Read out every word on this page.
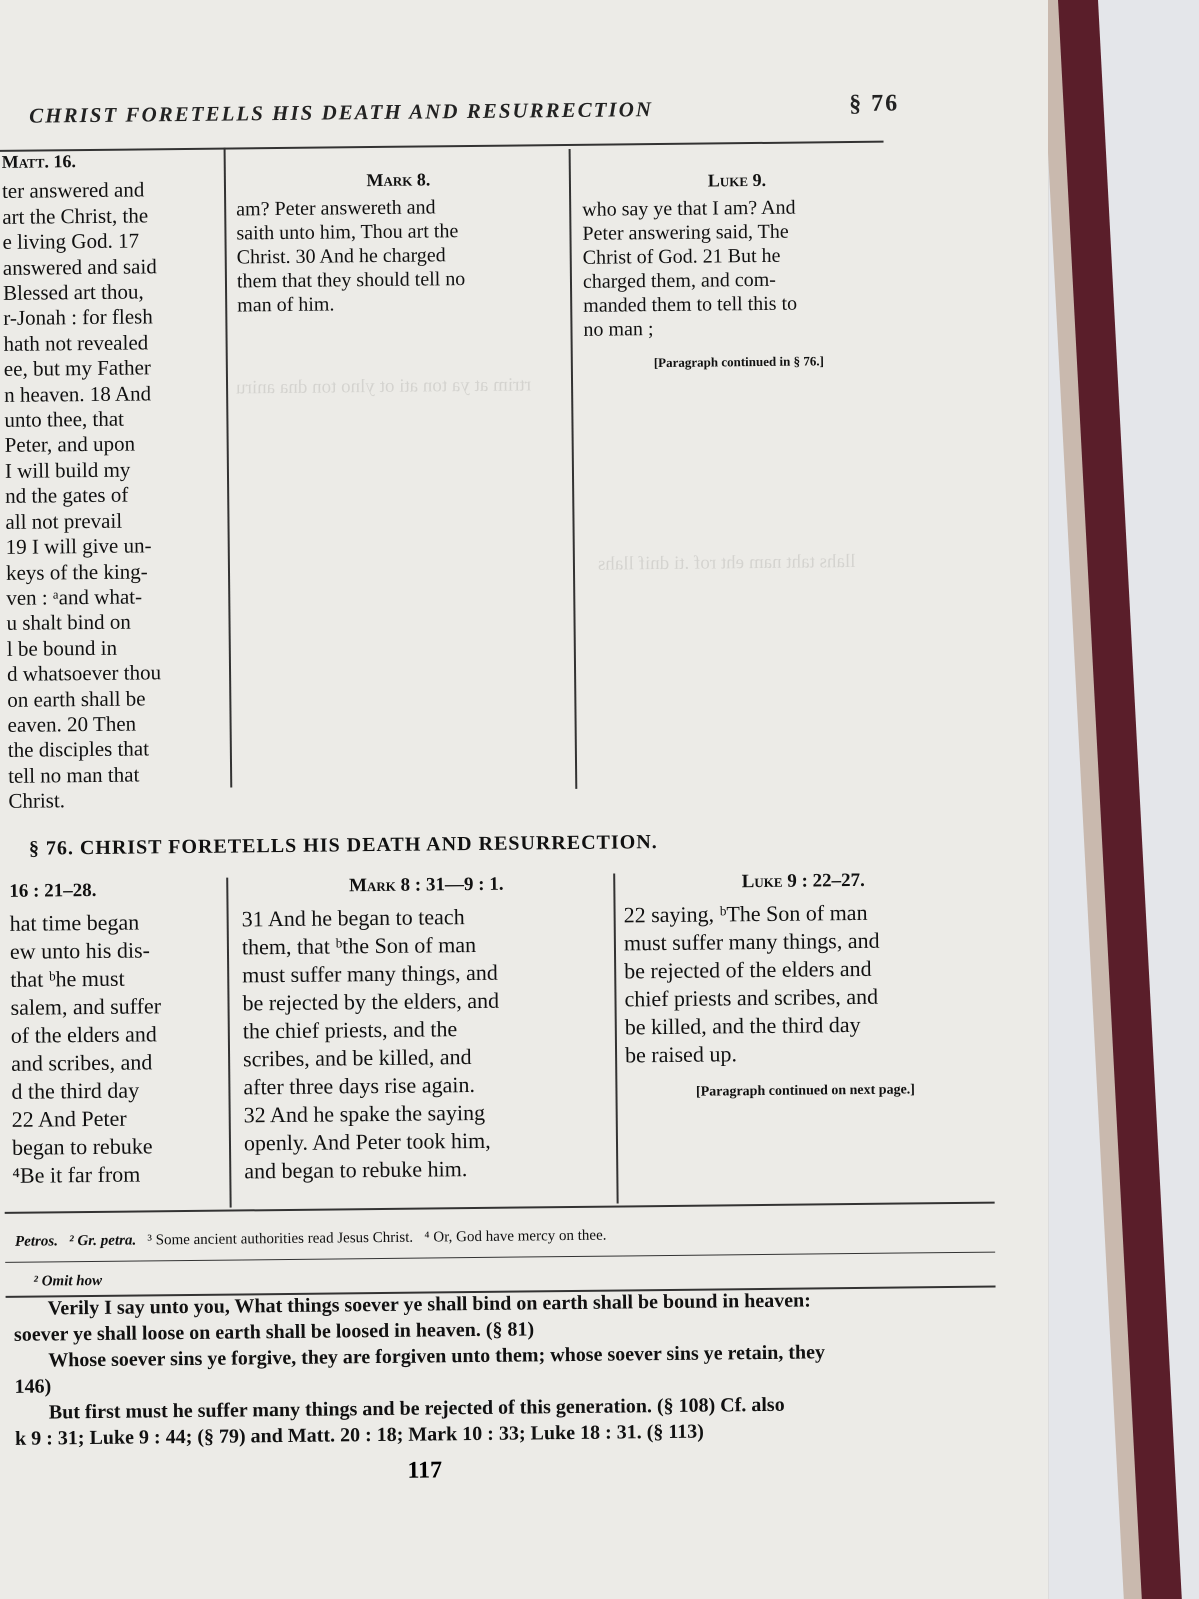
rtrim at ya ton ati ot ylno ton dna aniru
llahs taht nam eht rof .ti dnif llahs
CHRIST FORETELLS HIS DEATH AND RESURRECTION	§ 76
Matt. 16.
ter answered and
art the Christ, the
e living God. 17
answered and said
Blessed art thou,
r-Jonah : for flesh
hath not revealed
ee, but my Father
n heaven. 18 And
unto thee, that
Peter, and upon
I will build my
nd the gates of
all not prevail
19 I will give un-
keys of the king-
ven : ᵃand what-
u shalt bind on
l be bound in
d whatsoever thou
on earth shall be
eaven. 20 Then
the disciples that
tell no man that
Christ.
Mark 8.
am? Peter answereth and
saith unto him, Thou art the
Christ. 30 And he charged
them that they should tell no
man of him.
Luke 9.
who say ye that I am? And
Peter answering said, The
Christ of God. 21 But he
charged them, and com-
manded them to tell this to
no man ;
[Paragraph continued in § 76.]
§ 76. CHRIST FORETELLS HIS DEATH AND RESURRECTION.
16 : 21–28.
hat time began
ew unto his dis-
that ᵇhe must
salem, and suffer
of the elders and
and scribes, and
d the third day
22 And Peter
began to rebuke
⁴Be it far from
Mark 8 : 31—9 : 1.
31 And he began to teach
them, that ᵇthe Son of man
must suffer many things, and
be rejected by the elders, and
the chief priests, and the
scribes, and be killed, and
after three days rise again.
32 And he spake the saying
openly. And Peter took him,
and began to rebuke him.
Luke 9 : 22–27.
22 saying, ᵇThe Son of man
must suffer many things, and
be rejected of the elders and
chief priests and scribes, and
be killed, and the third day
be raised up.
[Paragraph continued on next page.]
Petros. ² Gr. petra. ³ Some ancient authorities read Jesus Christ. ⁴ Or, God have mercy on thee.
² Omit how
Verily I say unto you, What things soever ye shall bind on earth shall be bound in heaven:
soever ye shall loose on earth shall be loosed in heaven. (§ 81)
Whose soever sins ye forgive, they are forgiven unto them; whose soever sins ye retain, they
146)
But first must he suffer many things and be rejected of this generation. (§ 108) Cf. also
k 9 : 31; Luke 9 : 44; (§ 79) and Matt. 20 : 18; Mark 10 : 33; Luke 18 : 31. (§ 113)
117
